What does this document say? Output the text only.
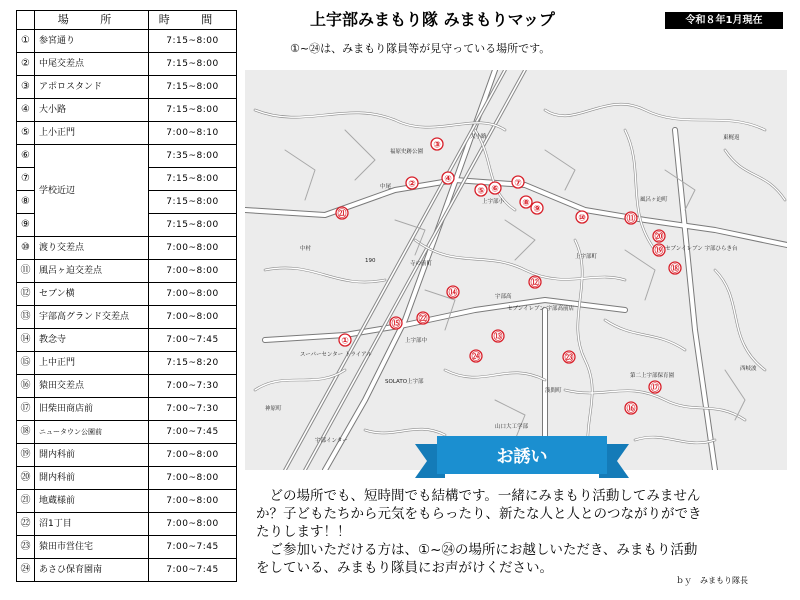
	場 所	時 間
①	参宮通り	7:15~8:00
②	中尾交差点	7:15~8:00
③	アポロスタンド	7:15~8:00
④	大小路	7:15~8:00
⑤	上小正門	7:00~8:10
⑥	学校近辺	7:35~8:00
⑦		7:15~8:00
⑧		7:15~8:00
⑨		7:15~8:00
⑩	渡り交差点	7:00~8:00
⑪	風呂ヶ迫交差点	7:00~8:00
⑫	セブン横	7:00~8:00
⑬	宇部高グランド交差点	7:00~8:00
⑭	教念寺	7:00~7:45
⑮	上中正門	7:15~8:20
⑯	猿田交差点	7:00~7:30
⑰	旧柴田商店前	7:00~7:30
⑱	ニュータウン公園前	7:00~7:45
⑲	開内科前	7:00~8:00
⑳	開内科前	7:00~8:00
㉑	地蔵様前	7:00~8:00
㉒	沼1丁目	7:00~8:00
㉓	猿田市営住宅	7:00~7:45
㉔	あさひ保育園南	7:00~7:45
上宇部みまもり隊 みまもりマップ	令和８年1月現在
①~㉔は、みまもり隊員等が見守っている場所です。
福原史跡公園
上宇部小
上宇部中
宇部高
セブンイレブン 宇部高前店
セブンイレブン 宇部ひらき台
SOLATO上宇部
山口大工学部
中村
寺の前町
大小路
中尾
スーパーセンター トライアル
宇部インター
風呂ヶ迫町
第二上宇部保育園
浅間町
上宇部町
神原町
東梶返
西岐波
190
①
②
③
④
⑤ ⑥
⑦
⑧
⑨
⑩	⑪
⑫
⑬
⑭
⑮
⑯
⑰
⑱
⑲
⑳
㉑
㉒
㉓
㉔
お誘い
　どの場所でも、短時間でも結構です。一緒にみまもり活動してみません
か？子どもたちから元気をもらったり、新たな人と人とのつながりができ
たりします！！
　ご参加いただける方は、①~㉔の場所にお越しいただき、みまもり活動
をしている、みまもり隊員にお声がけください。
ｂｙ　みまもり隊長
